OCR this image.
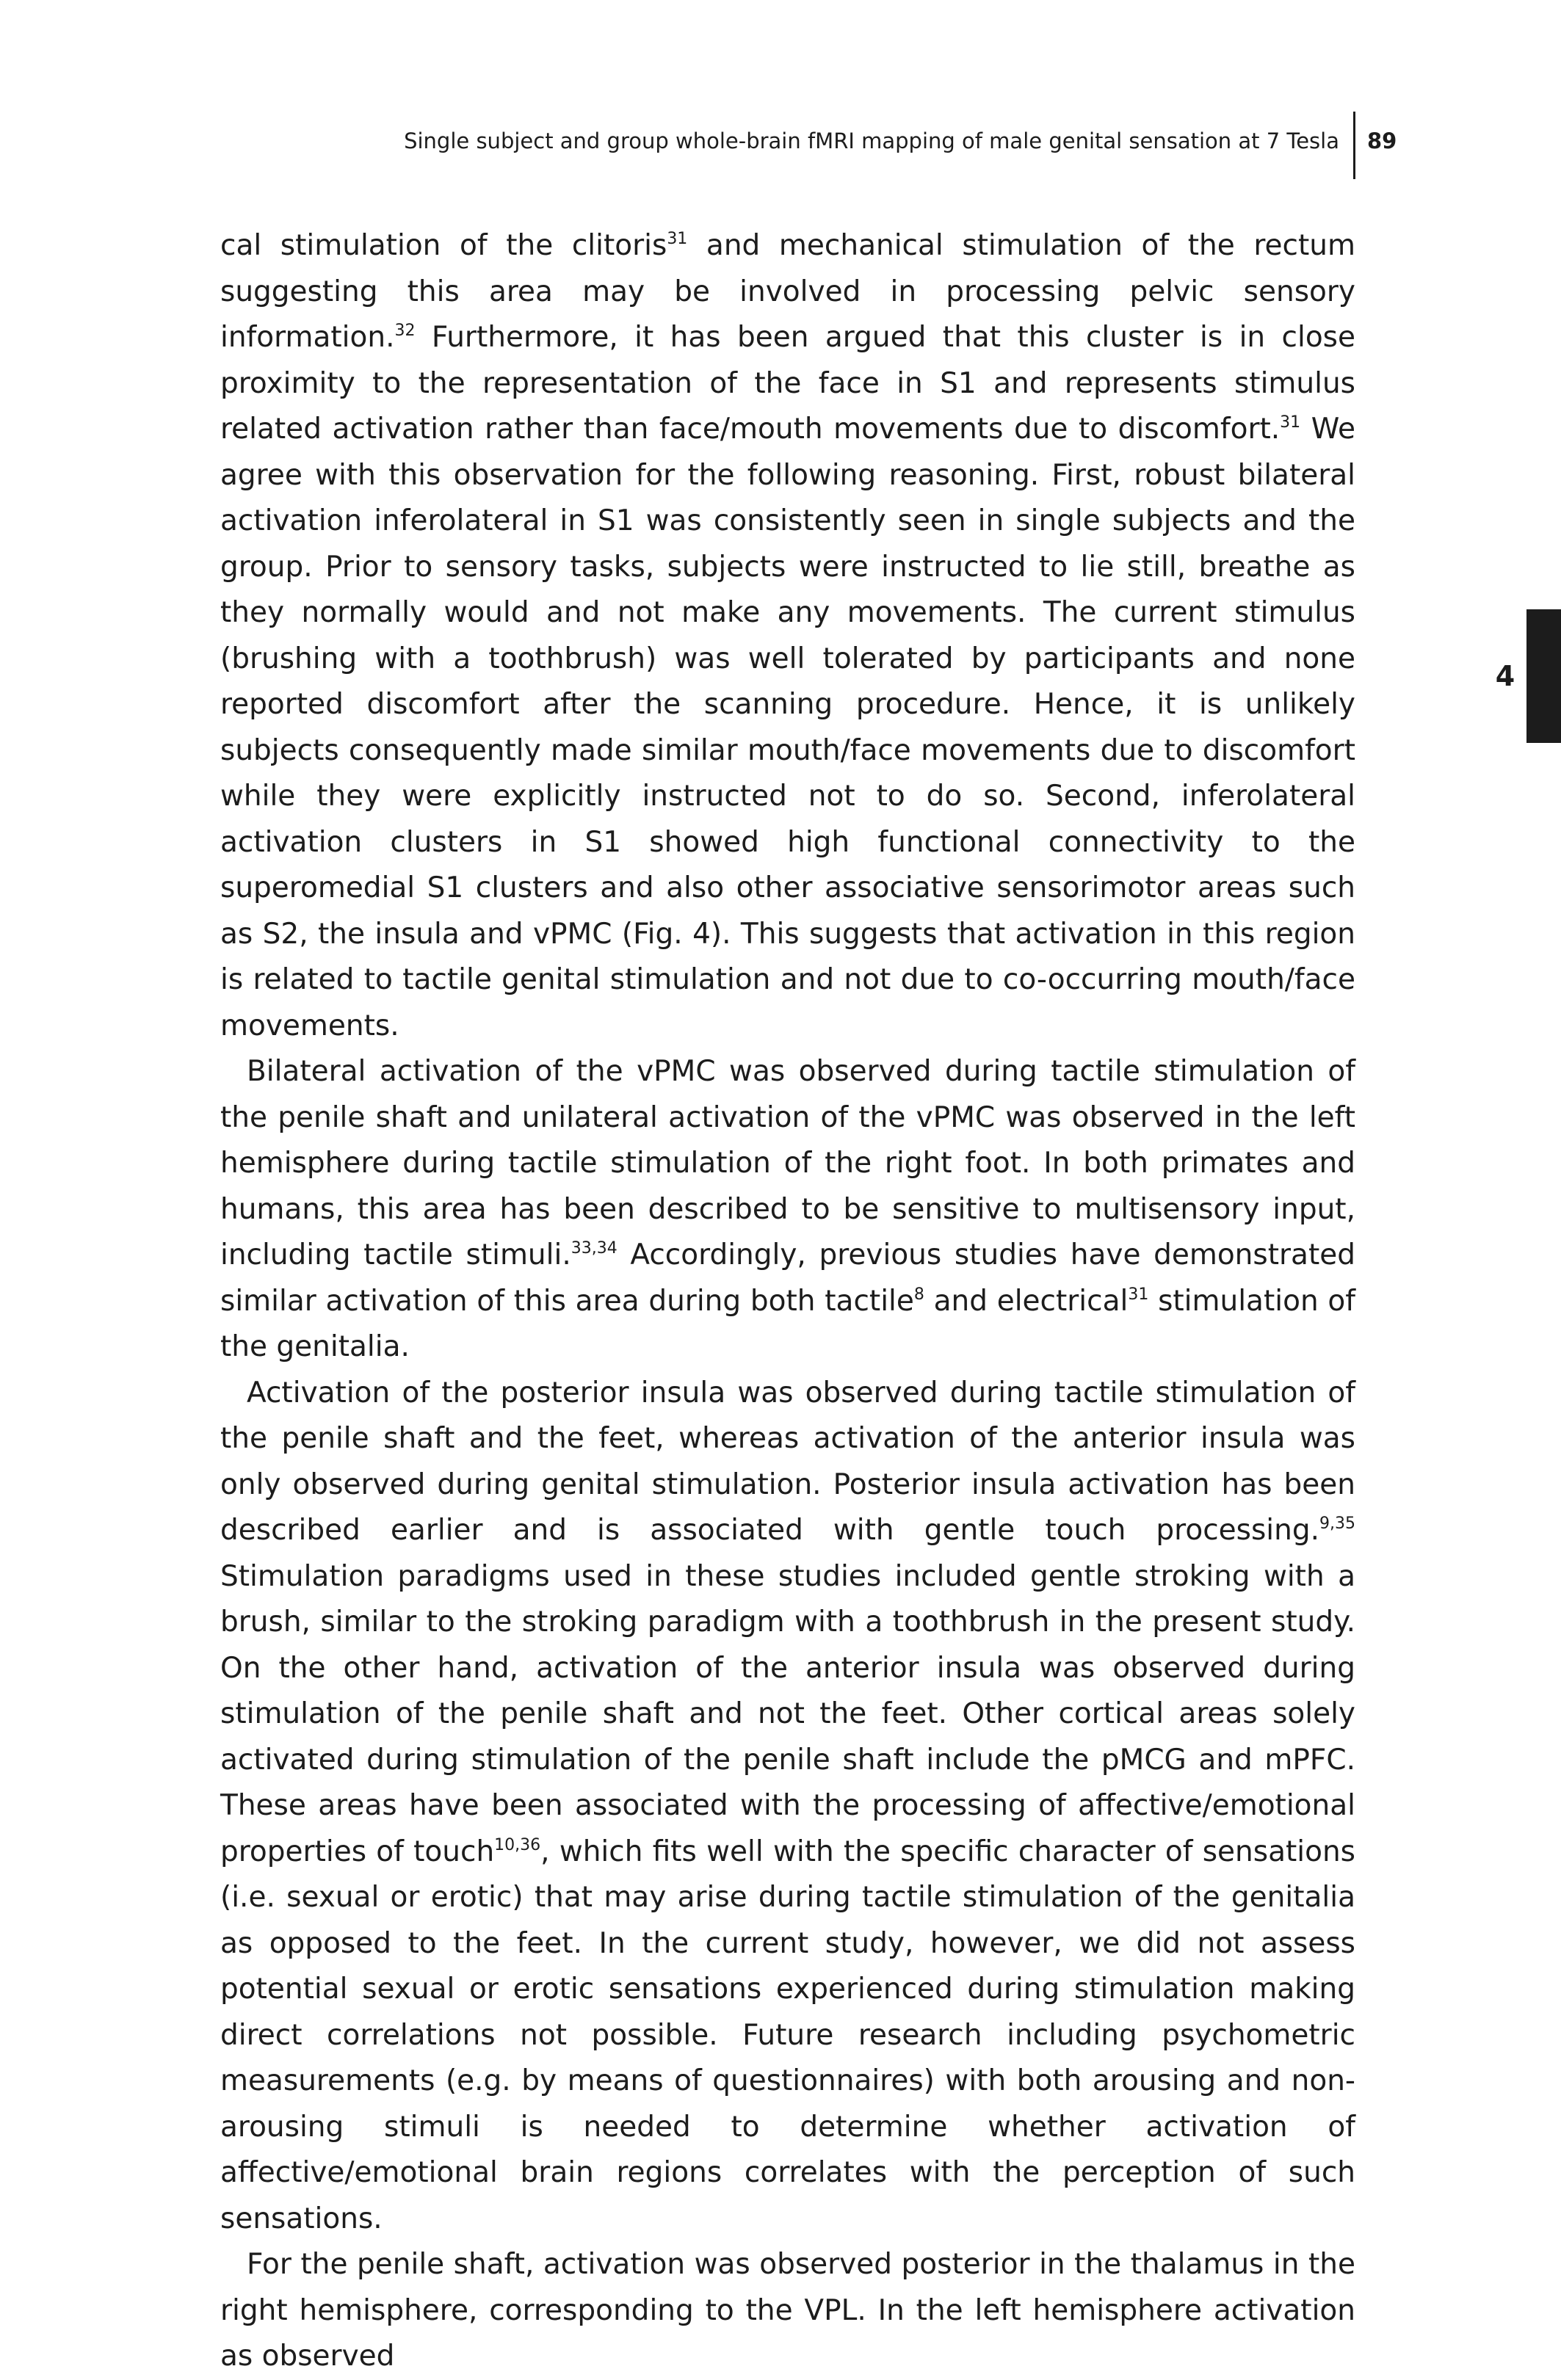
Single subject and group whole-brain fMRI mapping of male genital sensation at 7 Tesla 89
4

cal stimulation of the clitoris$^{31}$ and mechanical stimulation of the rectum suggesting this area may be involved in processing pelvic sensory information.$^{32}$ Furthermore, it has been argued that this cluster is in close proximity to the representation of the face in S1 and represents stimulus related activation rather than face/mouth movements due to discomfort.$^{31}$ We agree with this observation for the following reasoning. First, robust bilateral activation inferolateral in S1 was consistently seen in single subjects and the group. Prior to sensory tasks, subjects were instructed to lie still, breathe as they normally would and not make any movements. The current stimulus (brushing with a toothbrush) was well tolerated by participants and none reported discomfort after the scanning procedure. Hence, it is unlikely subjects consequently made similar mouth/face movements due to discomfort while they were explicitly instructed not to do so. Second, inferolateral activation clusters in S1 showed high functional connectivity to the superomedial S1 clusters and also other associative sensorimotor areas such as S2, the insula and vPMC (Fig. 4). This suggests that activation in this region is related to tactile genital stimulation and not due to co-occurring mouth/face movements.

Bilateral activation of the vPMC was observed during tactile stimulation of the penile shaft and unilateral activation of the vPMC was observed in the left hemisphere during tactile stimulation of the right foot. In both primates and humans, this area has been described to be sensitive to multisensory input, including tactile stimuli.$^{33,34}$ Accordingly, previous studies have demonstrated similar activation of this area during both tactile$^8$ and electrical$^{31}$ stimulation of the genitalia.

Activation of the posterior insula was observed during tactile stimulation of the penile shaft and the feet, whereas activation of the anterior insula was only observed during genital stimulation. Posterior insula activation has been described earlier and is associated with gentle touch processing.$^{9,35}$ Stimulation paradigms used in these studies included gentle stroking with a brush, similar to the stroking paradigm with a toothbrush in the present study. On the other hand, activation of the anterior insula was observed during stimulation of the penile shaft and not the feet. Other cortical areas solely activated during stimulation of the penile shaft include the pMCG and mPFC. These areas have been associated with the processing of affective/emotional properties of touch$^{10,36}$, which fits well with the specific character of sensations (i.e. sexual or erotic) that may arise during tactile stimulation of the genitalia as opposed to the feet. In the current study, however, we did not assess potential sexual or erotic sensations experienced during stimulation making direct correlations not possible. Future research including psychometric measurements (e.g. by means of questionnaires) with both arousing and non-arousing stimuli is needed to determine whether activation of affective/emotional brain regions correlates with the perception of such sensations.

For the penile shaft, activation was observed posterior in the thalamus in the right hemisphere, corresponding to the VPL. In the left hemisphere activation as observed
